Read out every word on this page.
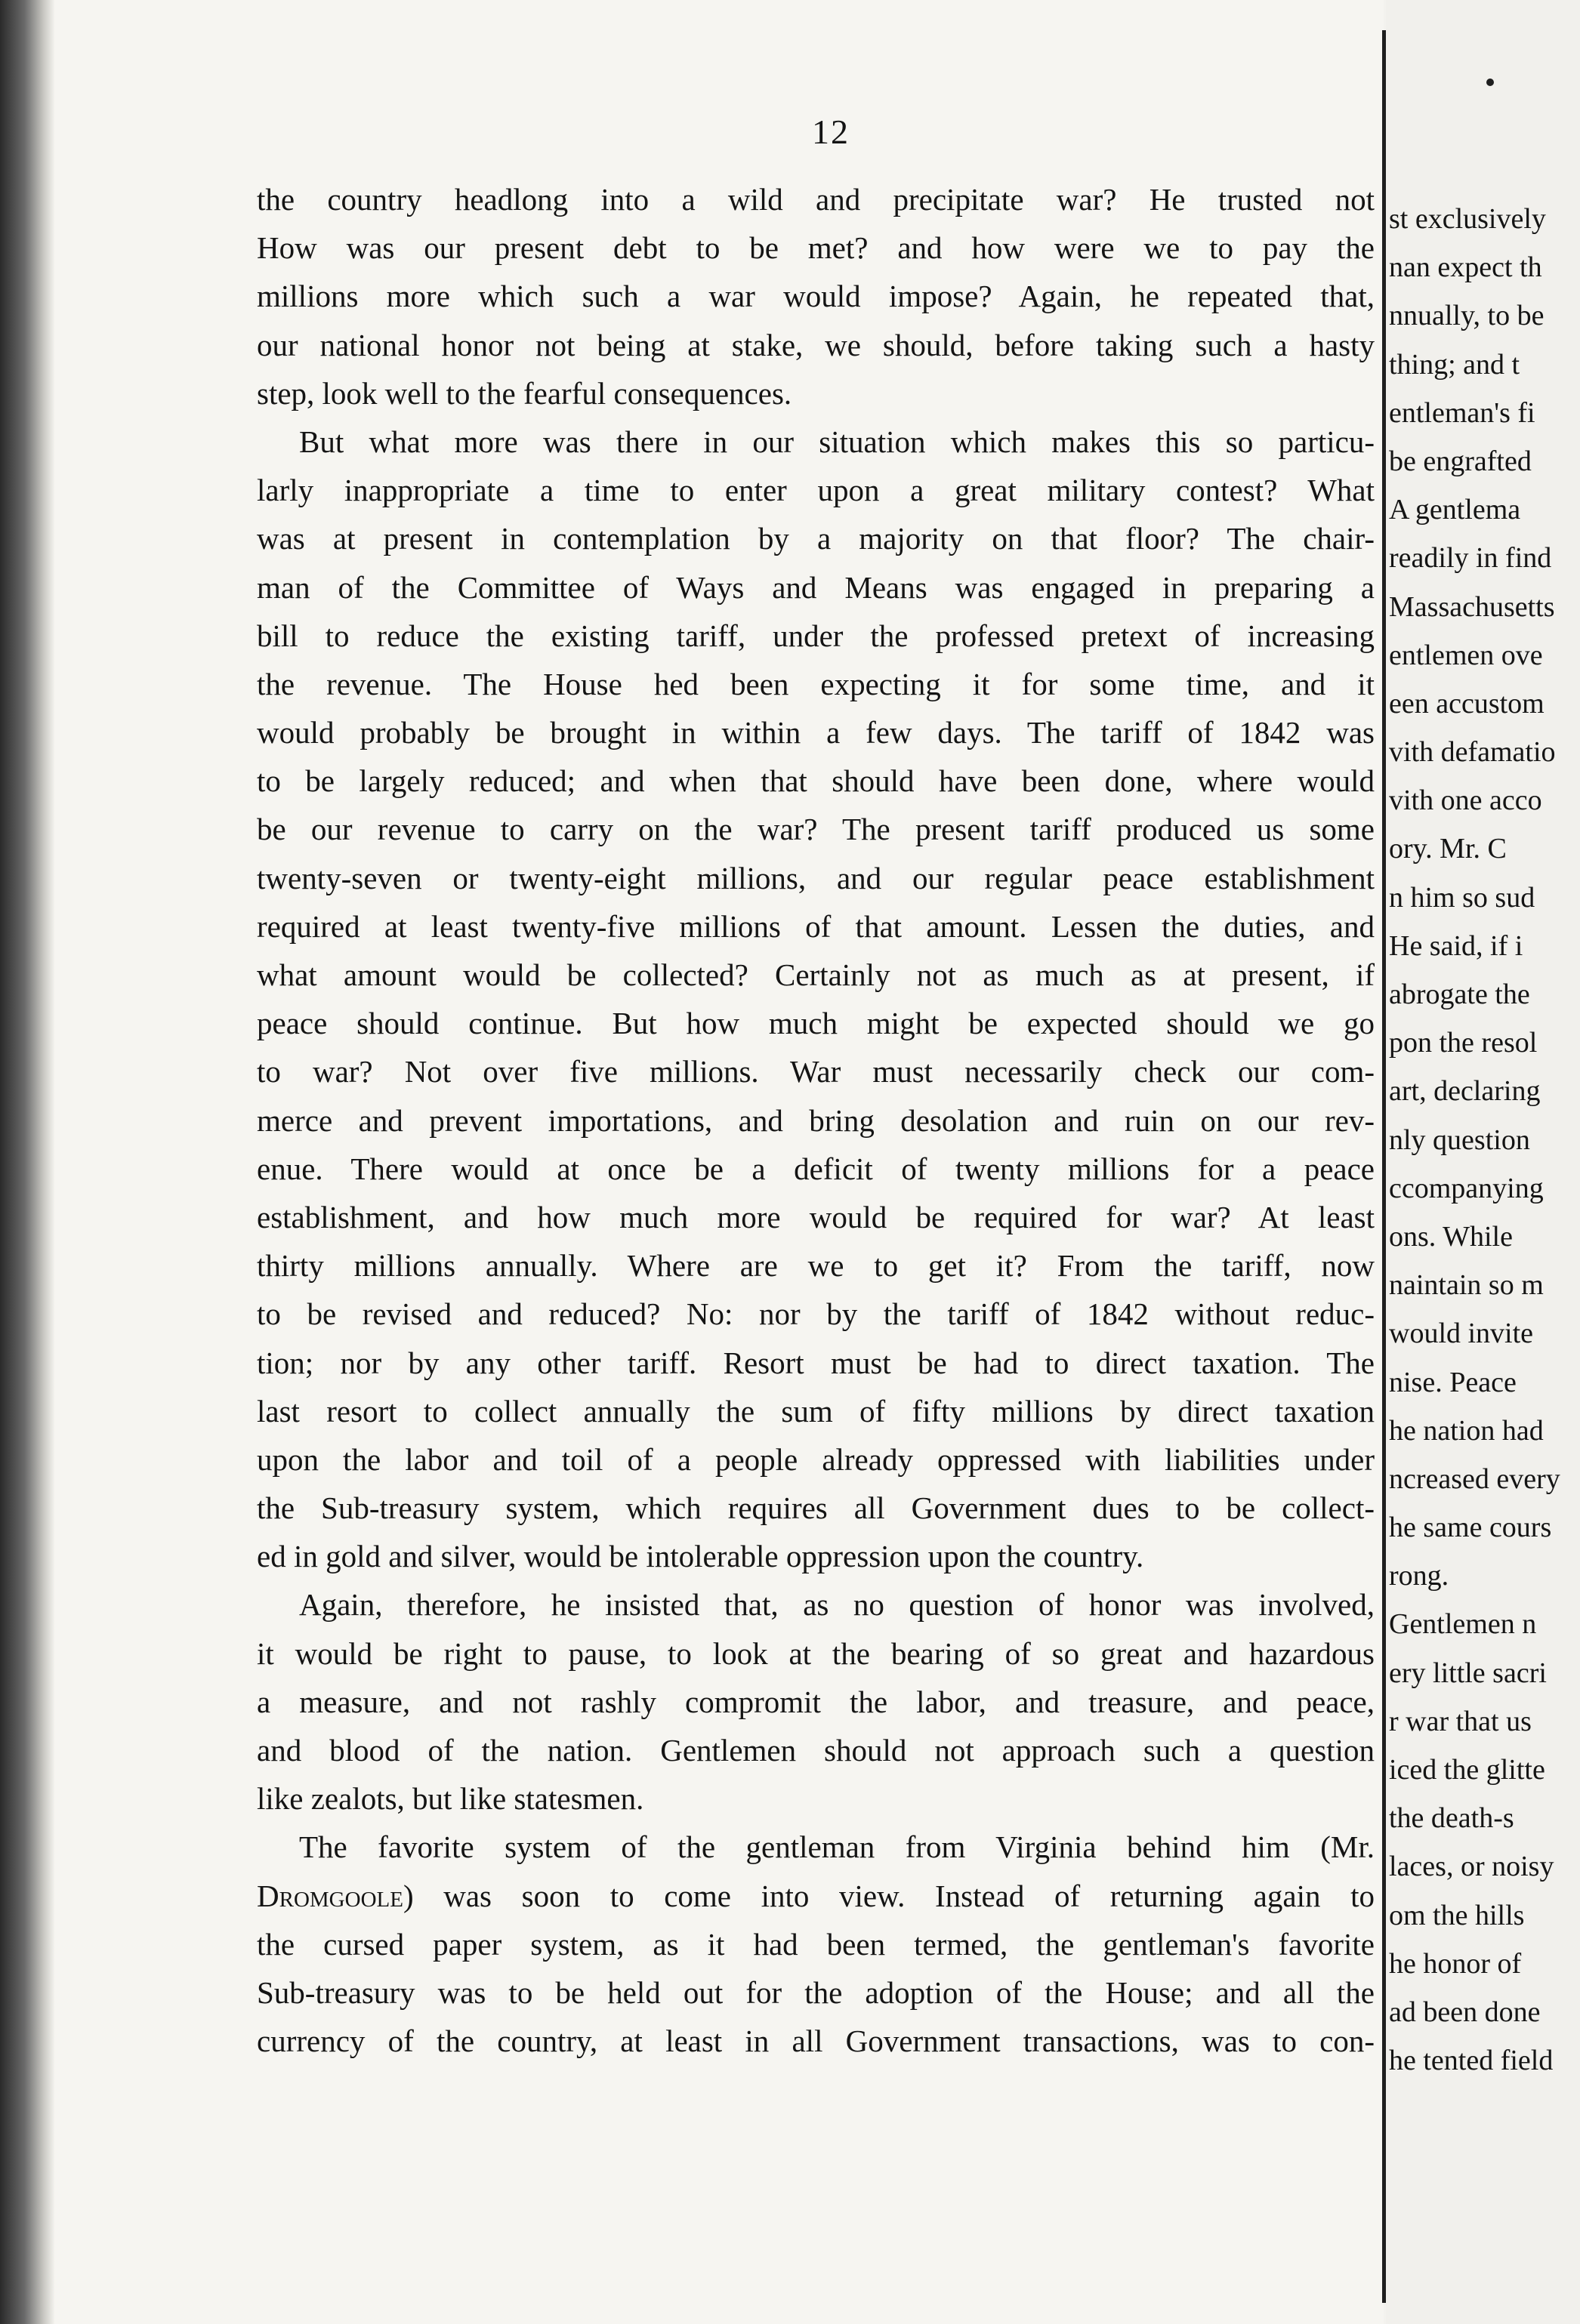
12
the country headlong into a wild and precipitate war? He trusted not
How was our present debt to be met? and how were we to pay the
millions more which such a war would impose? Again, he repeated that,
our national honor not being at stake, we should, before taking such a hasty
step, look well to the fearful consequences.
But what more was there in our situation which makes this so particu-
larly inappropriate a time to enter upon a great military contest? What
was at present in contemplation by a majority on that floor? The chair-
man of the Committee of Ways and Means was engaged in preparing a
bill to reduce the existing tariff, under the professed pretext of increasing
the revenue. The House hed been expecting it for some time, and it
would probably be brought in within a few days. The tariff of 1842 was
to be largely reduced; and when that should have been done, where would
be our revenue to carry on the war? The present tariff produced us some
twenty-seven or twenty-eight millions, and our regular peace establishment
required at least twenty-five millions of that amount. Lessen the duties, and
what amount would be collected? Certainly not as much as at present, if
peace should continue. But how much might be expected should we go
to war? Not over five millions. War must necessarily check our com-
merce and prevent importations, and bring desolation and ruin on our rev-
enue. There would at once be a deficit of twenty millions for a peace
establishment, and how much more would be required for war? At least
thirty millions annually. Where are we to get it? From the tariff, now
to be revised and reduced? No: nor by the tariff of 1842 without reduc-
tion; nor by any other tariff. Resort must be had to direct taxation. The
last resort to collect annually the sum of fifty millions by direct taxation
upon the labor and toil of a people already oppressed with liabilities under
the Sub-treasury system, which requires all Government dues to be collect-
ed in gold and silver, would be intolerable oppression upon the country.
Again, therefore, he insisted that, as no question of honor was involved,
it would be right to pause, to look at the bearing of so great and hazardous
a measure, and not rashly compromit the labor, and treasure, and peace,
and blood of the nation. Gentlemen should not approach such a question
like zealots, but like statesmen.
The favorite system of the gentleman from Virginia behind him (Mr.
Dromgoole) was soon to come into view. Instead of returning again to
the cursed paper system, as it had been termed, the gentleman's favorite
Sub-treasury was to be held out for the adoption of the House; and all the
currency of the country, at least in all Government transactions, was to con-
st exclusively
nan expect th
nnually, to be
thing; and t
entleman's fi
be engrafted
A gentlema
readily in find
Massachusetts
entlemen ove
een accustom
vith defamatio
vith one acco
ory. Mr. C
n him so sud
He said, if i
abrogate the
pon the resol
art, declaring
nly question
ccompanying
ons. While
naintain so m
would invite
nise. Peace
he nation had
ncreased every
he same cours
rong.
Gentlemen n
ery little sacri
r war that us
iced the glitte
the death-s
laces, or noisy
om the hills
he honor of
ad been done
he tented field
